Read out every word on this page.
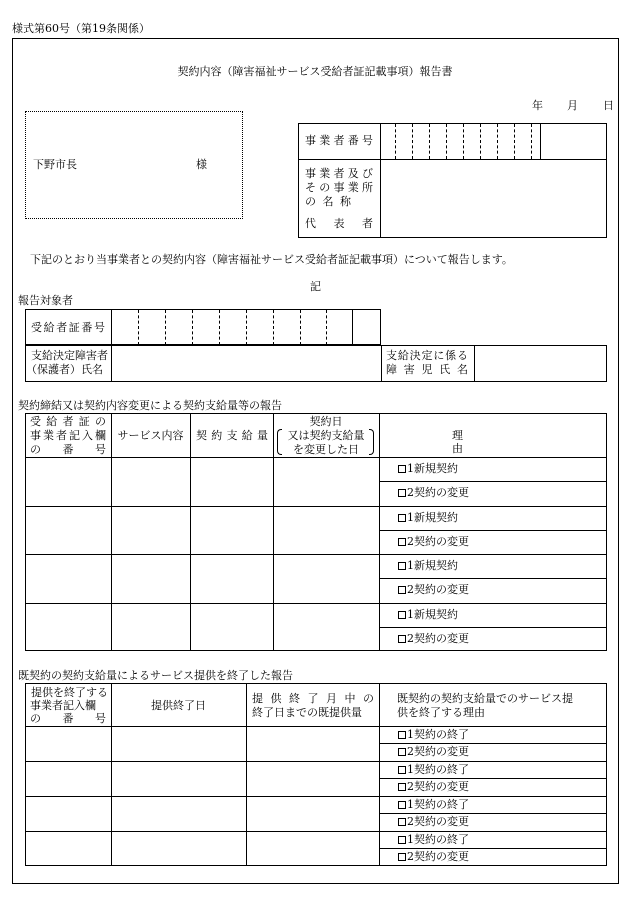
様式第60号（第19条関係）
契約内容（障害福祉サービス受給者証記載事項）報告書
年 月 日
下野市長	様
事業者番号
事業者及び
その事業所
の名称
代表者
下記のとおり当事業者との契約内容（障害福祉サービス受給者証記載事項）について報告します。
記
報告対象者
受給者証番号
支給決定障害者
（保護者）氏名
支給決定に係る
障害児氏名
契約締結又は契約内容変更による契約支給量等の報告
受給者証の
事業者記入欄
の番号
サービス内容	契約支給量
契約日
又は契約支給量
を変更した日
理由
1新規契約
2契約の変更
1新規契約
2契約の変更
1新規契約
2契約の変更
1新規契約
2契約の変更
既契約の契約支給量によるサービス提供を終了した報告
提供を終了する
事業者記入欄
の番号
提供終了日
提供終了月中の
終了日までの既提供量
既契約の契約支給量でのサービス提
供を終了する理由
1契約の終了
2契約の変更
1契約の終了
2契約の変更
1契約の終了
2契約の変更
1契約の終了
2契約の変更
